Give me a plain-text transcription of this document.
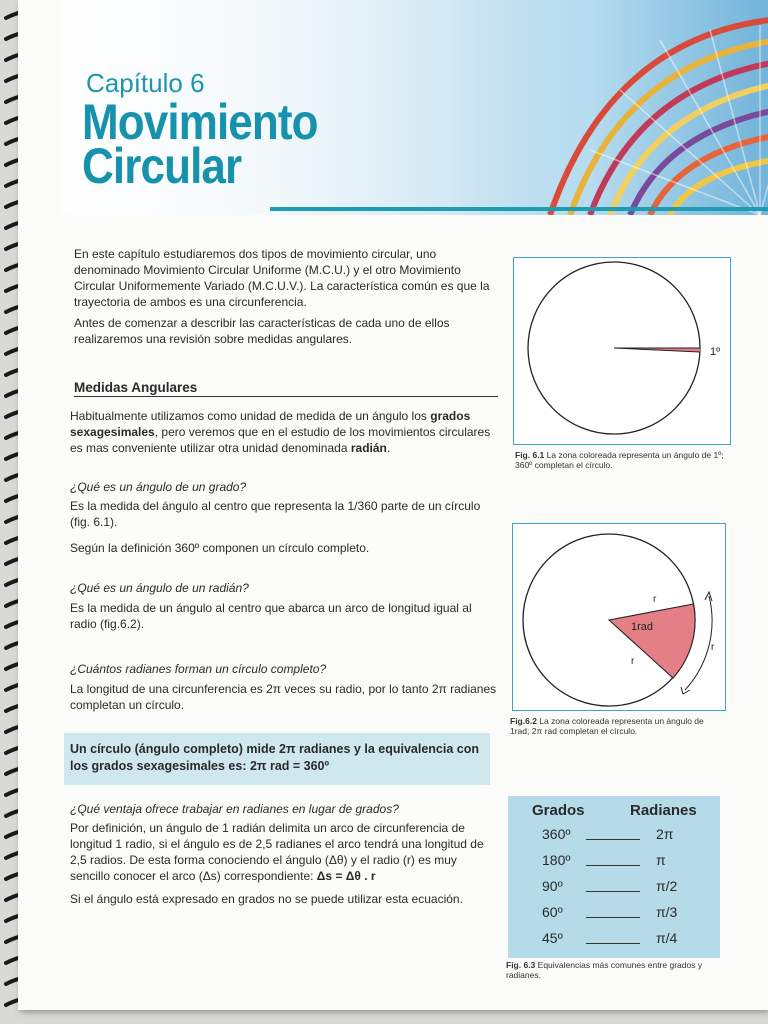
Capítulo 6
Movimiento
Circular

En este capítulo estudiaremos dos tipos de movimiento circular, uno denominado Movimiento Circular Uniforme (M.C.U.) y el otro Movimiento Circular Uniformemente Variado (M.C.U.V.). La característica común es que la trayectoria de ambos es una circunferencia.

Antes de comenzar a describir las características de cada uno de ellos realizaremos una revisión sobre medidas angulares.

Medidas Angulares
Habitualmente utilizamos como unidad de medida de un ángulo los grados sexagesimales, pero veremos que en el estudio de los movimientos circulares es mas conveniente utilizar otra unidad denominada radián.
¿Qué es un ángulo de un grado?
Es la medida del ángulo al centro que representa la 1/360 parte de un círculo (fig. 6.1).
Según la definición 360º componen un círculo completo.
¿Qué es un ángulo de un radián?
Es la medida de un ángulo al centro que abarca un arco de longitud igual al radio (fig.6.2).
¿Cuántos radianes forman un círculo completo?
La longitud de una circunferencia es 2π veces su radio, por lo tanto 2π radianes completan un círculo.
Un círculo (ángulo completo) mide 2π radianes y la equivalencia con los grados sexagesimales es: 2π rad = 360º
¿Qué ventaja ofrece trabajar en radianes en lugar de grados?
Por definición, un ángulo de 1 radián delimita un arco de circunferencia de longitud 1 radio, si el ángulo es de 2,5 radianes el arco tendrá una longitud de 2,5 radios. De esta forma conociendo el ángulo (Δθ) y el radio (r) es muy sencillo conocer el arco (Δs) correspondiente: Δs = Δθ . r
Si el ángulo está expresado en grados no se puede utilizar esta ecuación.
1º
Fig. 6.1 La zona coloreada representa un ángulo de 1º; 360º completan el círculo.
1rad
r
r
r
Fig.6.2 La zona coloreada representa un ángulo de 1rad; 2π rad completan el círculo.
Grados	Radianes
360º	2π
180º	π
90º	π/2
60º	π/3
45º	π/4
Fig. 6.3 Equivalencias más comunes entre grados y radianes.
